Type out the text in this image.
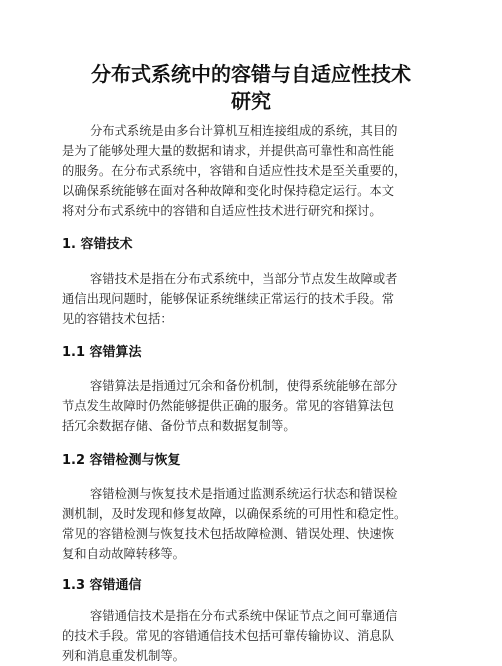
分布式系统中的容错与自适应性技术
研究
分布式系统是由多台计算机互相连接组成的系统，其目的
是为了能够处理大量的数据和请求，并提供高可靠性和高性能
的服务。在分布式系统中，容错和自适应性技术是至关重要的，
以确保系统能够在面对各种故障和变化时保持稳定运行。本文
将对分布式系统中的容错和自适应性技术进行研究和探讨。
1. 容错技术
容错技术是指在分布式系统中，当部分节点发生故障或者
通信出现问题时，能够保证系统继续正常运行的技术手段。常
见的容错技术包括：
1.1 容错算法
容错算法是指通过冗余和备份机制，使得系统能够在部分
节点发生故障时仍然能够提供正确的服务。常见的容错算法包
括冗余数据存储、备份节点和数据复制等。
1.2 容错检测与恢复
容错检测与恢复技术是指通过监测系统运行状态和错误检
测机制，及时发现和修复故障，以确保系统的可用性和稳定性。
常见的容错检测与恢复技术包括故障检测、错误处理、快速恢
复和自动故障转移等。
1.3 容错通信
容错通信技术是指在分布式系统中保证节点之间可靠通信
的技术手段。常见的容错通信技术包括可靠传输协议、消息队
列和消息重发机制等。
